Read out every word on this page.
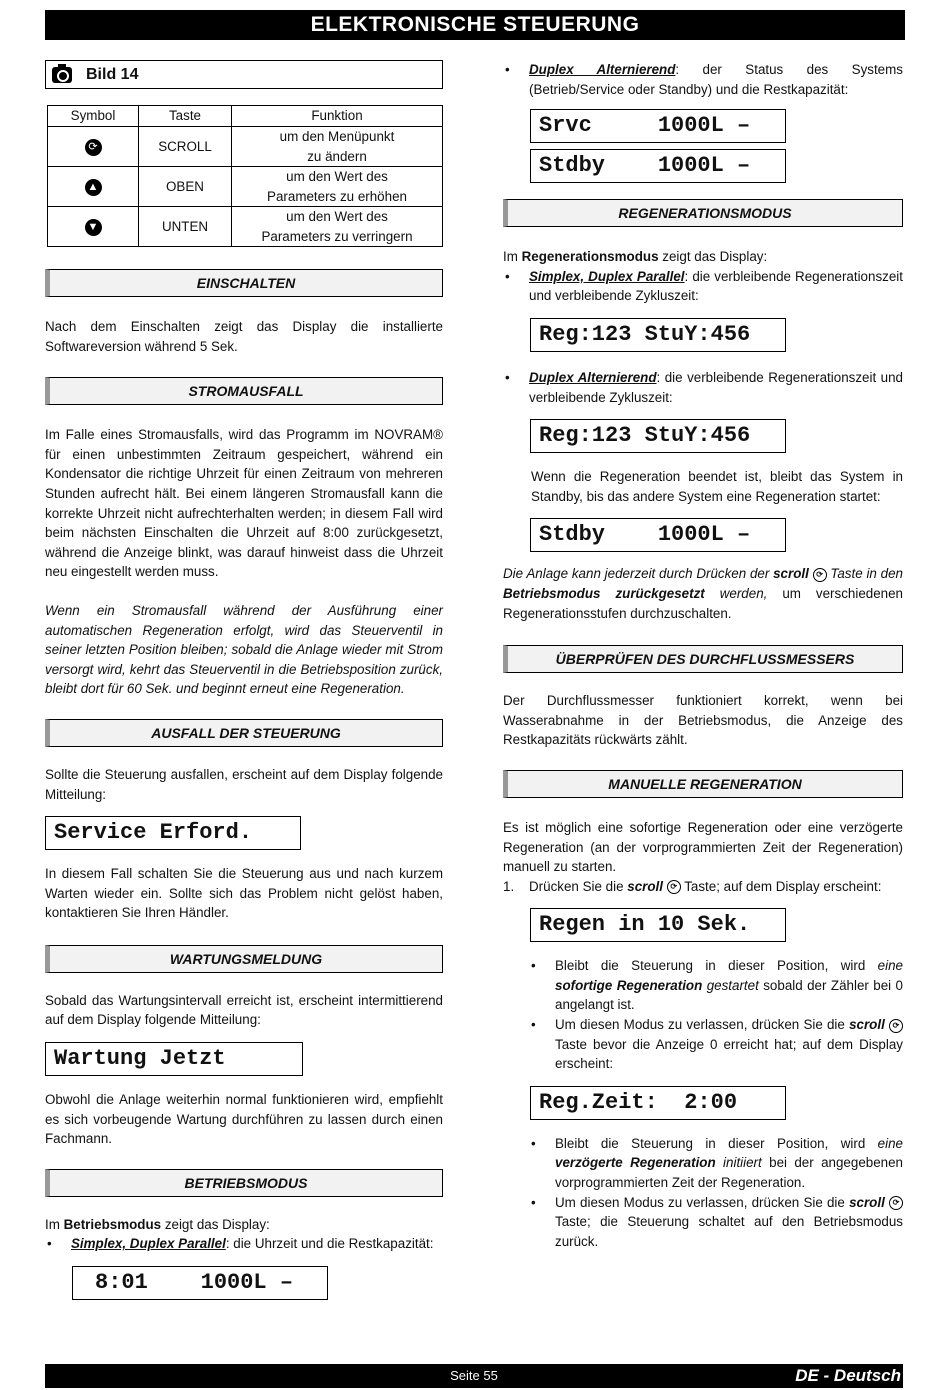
ELEKTRONISCHE STEUERUNG
Bild 14
Symbol	Taste	Funktion
⟳	SCROLL	um den Menüpunkt
zu ändern
▲	OBEN	um den Wert des
Parameters zu erhöhen
▼	UNTEN	um den Wert des
Parameters zu verringern
EINSCHALTEN

Nach dem Einschalten zeigt das Display die installierte Softwareversion während 5 Sek.

STROMAUSFALL

Im Falle eines Stromausfalls, wird das Programm im NOVRAM® für einen unbestimmten Zeitraum gespeichert, während ein Kondensator die richtige Uhrzeit für einen Zeitraum von mehreren Stunden aufrecht hält. Bei einem längeren Stromausfall kann die korrekte Uhrzeit nicht aufrechterhalten werden; in diesem Fall wird beim nächsten Einschalten die Uhrzeit auf 8:00 zurückgesetzt, während die Anzeige blinkt, was darauf hinweist dass die Uhrzeit neu eingestellt werden muss.

Wenn ein Stromausfall während der Ausführung einer automatischen Regeneration erfolgt, wird das Steuerventil in seiner letzten Position bleiben; sobald die Anlage wieder mit Strom versorgt wird, kehrt das Steuerventil in die Betriebsposition zurück, bleibt dort für 60 Sek. und beginnt erneut eine Regeneration.

AUSFALL DER STEUERUNG

Sollte die Steuerung ausfallen, erscheint auf dem Display folgende Mitteilung:

Service Erford.

In diesem Fall schalten Sie die Steuerung aus und nach kurzem Warten wieder ein. Sollte sich das Problem nicht gelöst haben, kontaktieren Sie Ihren Händler.

WARTUNGSMELDUNG

Sobald das Wartungsintervall erreicht ist, erscheint intermittierend auf dem Display folgende Mitteilung:

Wartung Jetzt

Obwohl die Anlage weiterhin normal funktionieren wird, empfiehlt es sich vorbeugende Wartung durchführen zu lassen durch einen Fachmann.

BETRIEBSMODUS

Im Betriebsmodus zeigt das Display:

• Simplex, Duplex Parallel: die Uhrzeit und die Restkapazität:
8:01    1000L –
• Duplex Alternierend: der Status des Systems (Betrieb/Service oder Standby) und die Restkapazität:
Srvc     1000L –
Stdby    1000L –
REGENERATIONSMODUS

Im Regenerationsmodus zeigt das Display:

• Simplex, Duplex Parallel: die verbleibende Regenerationszeit und verbleibende Zykluszeit:
Reg:123 StuY:456
• Duplex Alternierend: die verbleibende Regenerationszeit und verbleibende Zykluszeit:
Reg:123 StuY:456

Wenn die Regeneration beendet ist, bleibt das System in Standby, bis das andere System eine Regeneration startet:

Stdby    1000L –

Die Anlage kann jederzeit durch Drücken der scroll ⟳ Taste in den Betriebsmodus zurückgesetzt werden, um verschiedenen Regenerationsstufen durchzuschalten.

ÜBERPRÜFEN DES DURCHFLUSSMESSERS

Der Durchflussmesser funktioniert korrekt, wenn bei Wasserabnahme in der Betriebsmodus, die Anzeige des Restkapazitäts rückwärts zählt.

MANUELLE REGENERATION

Es ist möglich eine sofortige Regeneration oder eine verzögerte Regeneration (an der vorprogrammierten Zeit der Regeneration) manuell zu starten.

1. Drücken Sie die scroll ⟳ Taste; auf dem Display erscheint:
Regen in 10 Sek.
• Bleibt die Steuerung in dieser Position, wird eine sofortige Regeneration gestartet sobald der Zähler bei 0 angelangt ist.
• Um diesen Modus zu verlassen, drücken Sie die scroll ⟳ Taste bevor die Anzeige 0 erreicht hat; auf dem Display erscheint:
Reg.Zeit:  2:00
• Bleibt die Steuerung in dieser Position, wird eine verzögerte Regeneration initiiert bei der angegebenen vorprogrammierten Zeit der Regeneration.
• Um diesen Modus zu verlassen, drücken Sie die scroll ⟳ Taste; die Steuerung schaltet auf den Betriebsmodus zurück.
Seite 55	DE - Deutsch
